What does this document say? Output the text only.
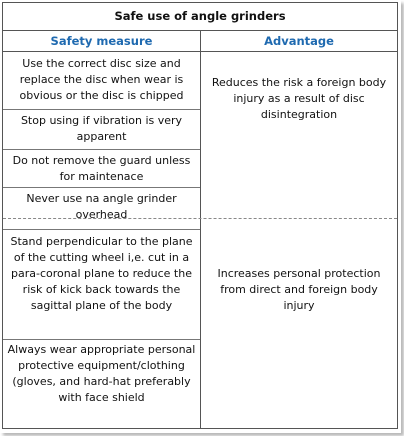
Safe use of angle grinders
Safety measure	Advantage
Use the correct disc size and replace the disc when wear is obvious or the disc is chipped
Stop using if vibration is very apparent
Do not remove the guard unless for maintenace
Never use na angle grinder overhead
Stand perpendicular to the plane of the cutting wheel i,e. cut in a para-coronal plane to reduce the risk of kick back towards the sagittal plane of the body
Always wear appropriate personal protective equipment/clothing (gloves, and hard-hat preferably with face shield
Reduces the risk a foreign body injury as a result of disc disintegration
Increases personal protection from direct and foreign body injury
